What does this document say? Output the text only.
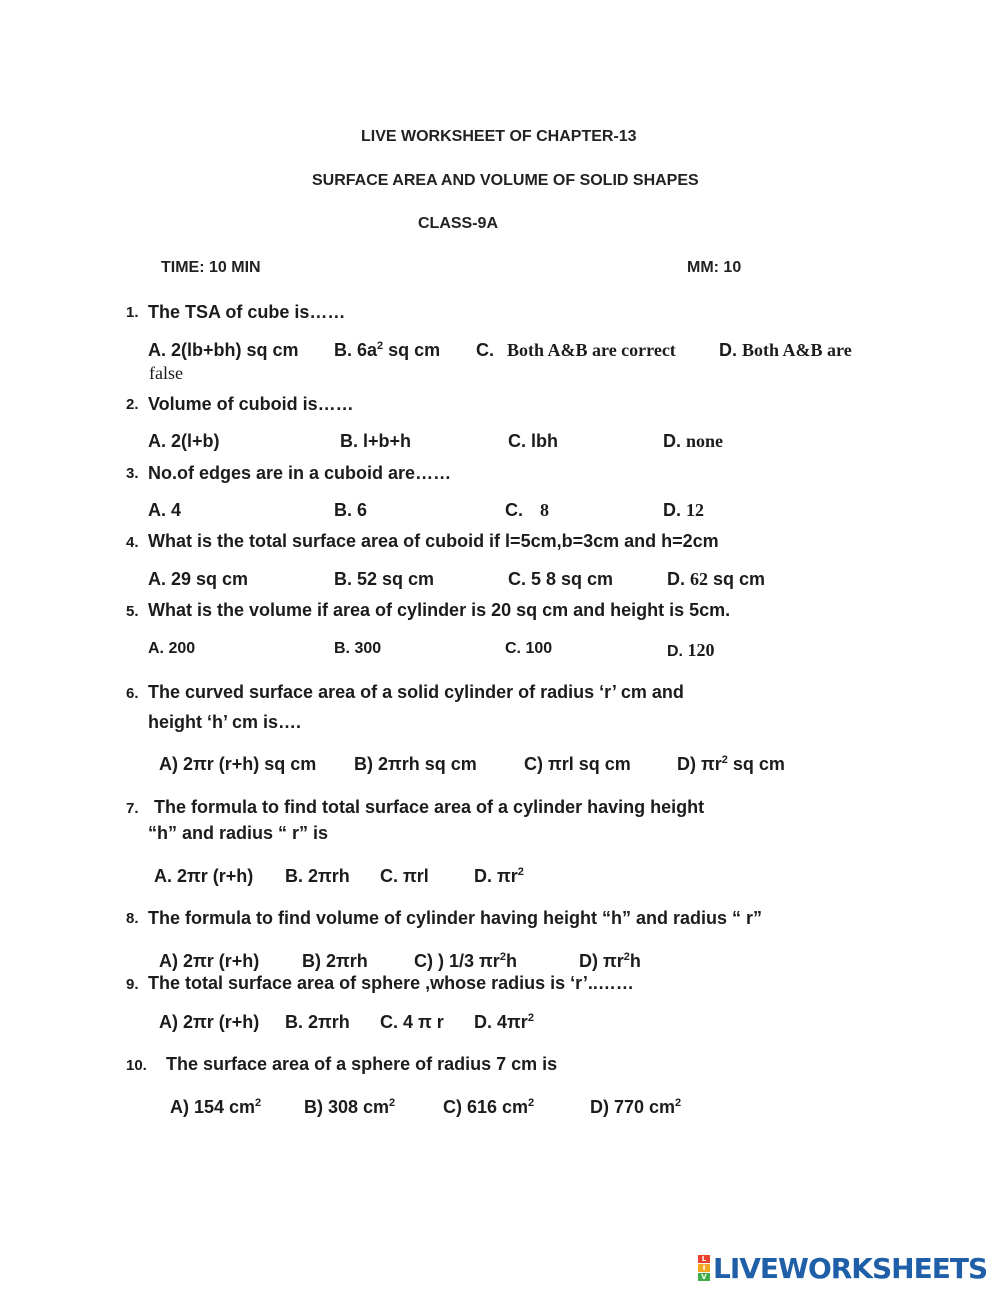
LIVE WORKSHEET OF CHAPTER-13
SURFACE AREA AND VOLUME OF SOLID SHAPES
CLASS-9A
TIME: 10 MIN	MM: 10
1. The TSA of cube is……
A. 2(lb+bh) sq cm B. $6a^2$ sq cm C. Both A&B are correct D. Both A&B are
false
2. Volume of cuboid is……
A. 2(l+b)	B. l+b+h	C. lbh	D. none
3. No.of edges are in a cuboid are……
A. 4	B. 6	C. 8	D. 12
4. What is the total surface area of cuboid if l=5cm,b=3cm and h=2cm
A. 29 sq cm	B. 52 sq cm	C. 5 8 sq cm	D. 62 sq cm
5. What is the volume if area of cylinder is 20 sq cm and height is 5cm.
A. 200	B. 300	C. 100	D. 120
6. The curved surface area of a solid cylinder of radius ‘r’ cm and
height ‘h’ cm is….
A) 2πr (r+h) sq cm B) 2πrh sq cm	C) πrl sq cm	D) $\pi r^2$ sq cm
7. The formula to find total surface area of a cylinder having height
“h” and radius “ r” is
A. 2πr (r+h) B. 2πrh C. πrl	D. $\pi r^2$
8. The formula to find volume of cylinder having height “h” and radius “ r”
A) 2πr (r+h) B) 2πrh	C) ) 1/3 $\pi r^2h$	D) $\pi r^2h$
9. The total surface area of sphere ,whose radius is ‘r’..……
A) 2πr (r+h) B. 2πrh C. 4 π r D. $4\pi r^2$
10. The surface area of a sphere of radius 7 cm is
A) 154 $cm^2$ B) 308 $cm^2$	C) 616 $cm^2$	D) 770 $cm^2$
L
I
V LIVEWORKSHEETS
